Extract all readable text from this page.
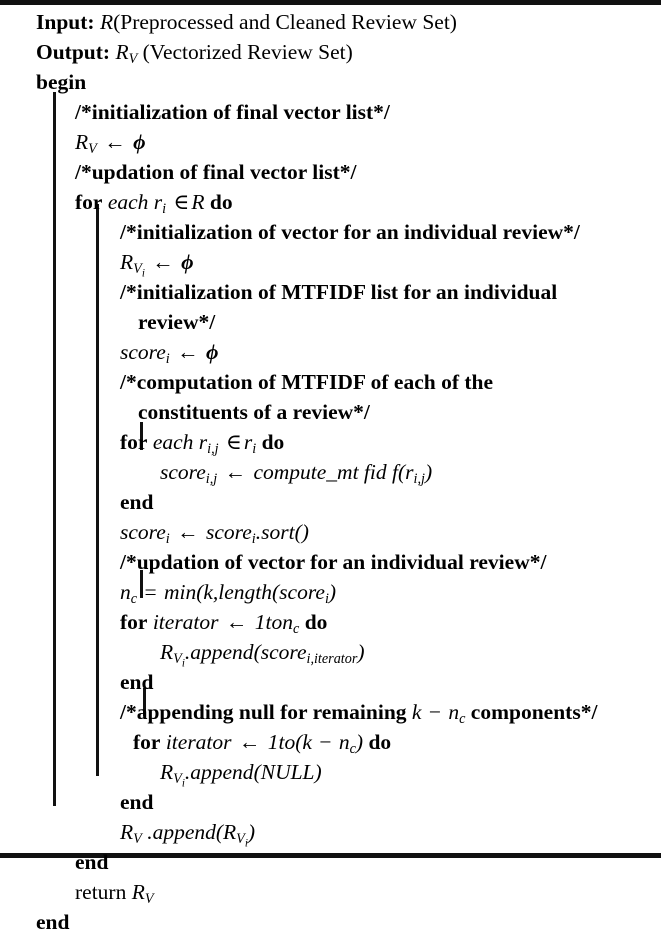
Input: R(Preprocessed and Cleaned Review Set)
Output: $R_V$ (Vectorized Review Set)
begin
/*initialization of final vector list*/
$R_V$ ← ϕ
/*updation of final vector list*/
for each $r_i$ ∈R do
/*initialization of vector for an individual review*/
$R_{V_i}$ ← ϕ
/*initialization of MTFIDF list for an individual
review*/
score$_i$ ← ϕ
/*computation of MTFIDF of each of the
constituents of a review*/
for each $r_{i,j}$ $\in r_i$ do
score$_{i,j}$ ← compute_mt fid $f(r_{i,j})$
end
score$_i$ ← score$_i$.sort()
/*updation of vector for an individual review*/
$n_c$ = min(k,length(score$_i$)
for iterator ← 1ton$_c$ do
$R_{V_i}.append(score_{i,iterator})$
end
/*appending null for remaining $k - n_c$ components*/
for iterator ← $1to(k - n_c)$ do
$R_{V_i}.append(NULL)$
end
$R_V$ $.append(R_{V_i})$
end
return $R_V$
end
